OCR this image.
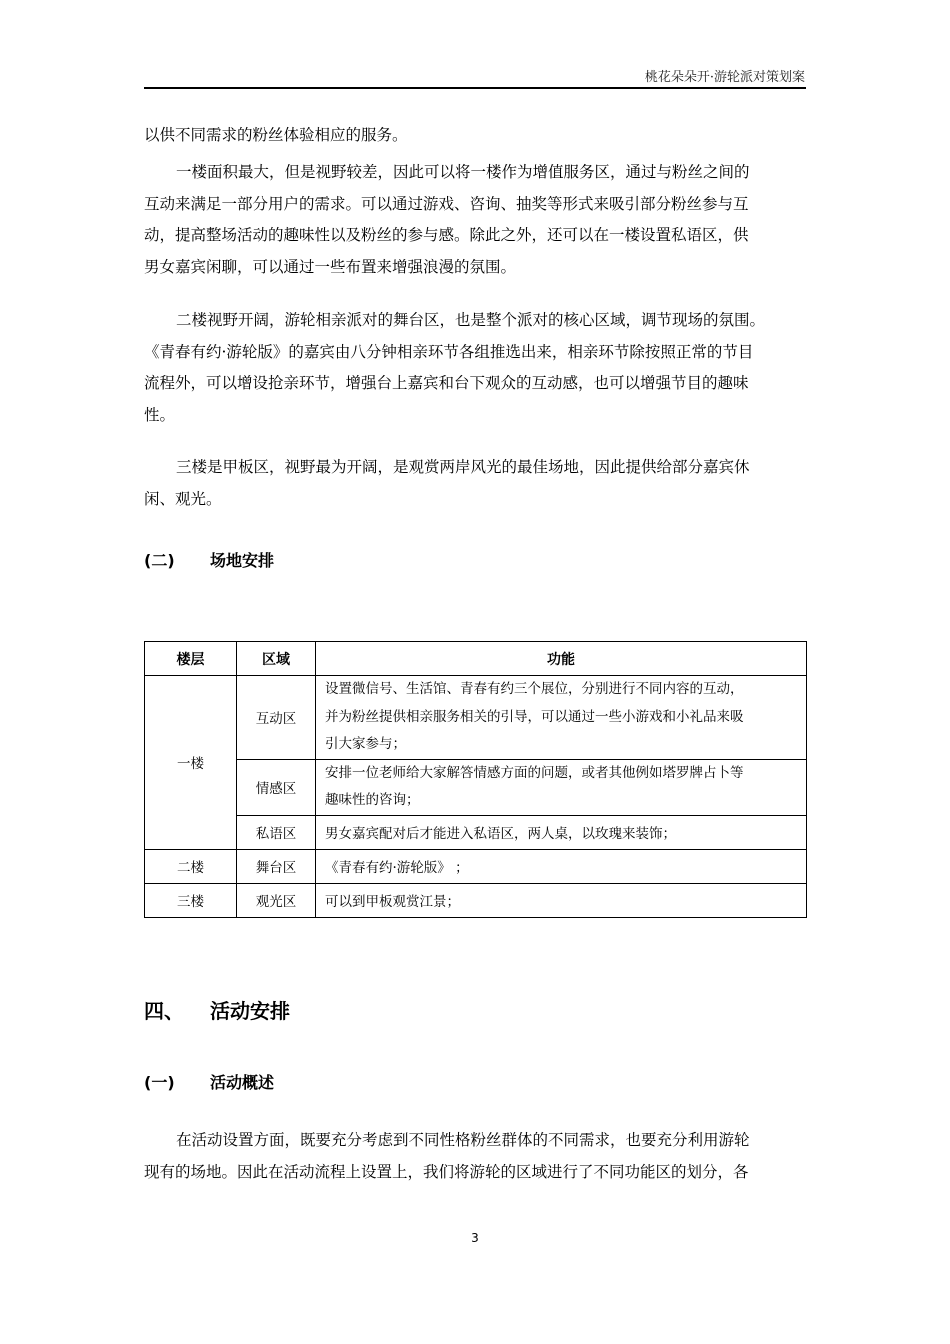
桃花朵朵开·游轮派对策划案

以供不同需求的粉丝体验相应的服务。

一楼面积最大，但是视野较差，因此可以将一楼作为增值服务区，通过与粉丝之间的
互动来满足一部分用户的需求。可以通过游戏、咨询、抽奖等形式来吸引部分粉丝参与互
动，提高整场活动的趣味性以及粉丝的参与感。除此之外，还可以在一楼设置私语区，供
男女嘉宾闲聊，可以通过一些布置来增强浪漫的氛围。

二楼视野开阔，游轮相亲派对的舞台区，也是整个派对的核心区域，调节现场的氛围。
《青春有约·游轮版》的嘉宾由八分钟相亲环节各组推选出来，相亲环节除按照正常的节目
流程外，可以增设抢亲环节，增强台上嘉宾和台下观众的互动感，也可以增强节目的趣味
性。

三楼是甲板区，视野最为开阔，是观赏两岸风光的最佳场地，因此提供给部分嘉宾休
闲、观光。

(二) 场地安排
楼层	区域	功能
一楼	互动区	设置微信号、生活馆、青春有约三个展位，分别进行不同内容的互动，
并为粉丝提供相亲服务相关的引导，可以通过一些小游戏和小礼品来吸
引大家参与；

	情感区	安排一位老师给大家解答情感方面的问题，或者其他例如塔罗牌占卜等
趣味性的咨询；

	私语区	男女嘉宾配对后才能进入私语区，两人桌，以玫瑰来装饰；
二楼	舞台区	《青春有约·游轮版》 ；
三楼	观光区	可以到甲板观赏江景；
四、 活动安排
(一) 活动概述

在活动设置方面，既要充分考虑到不同性格粉丝群体的不同需求，也要充分利用游轮
现有的场地。因此在活动流程上设置上，我们将游轮的区域进行了不同功能区的划分，各

3
